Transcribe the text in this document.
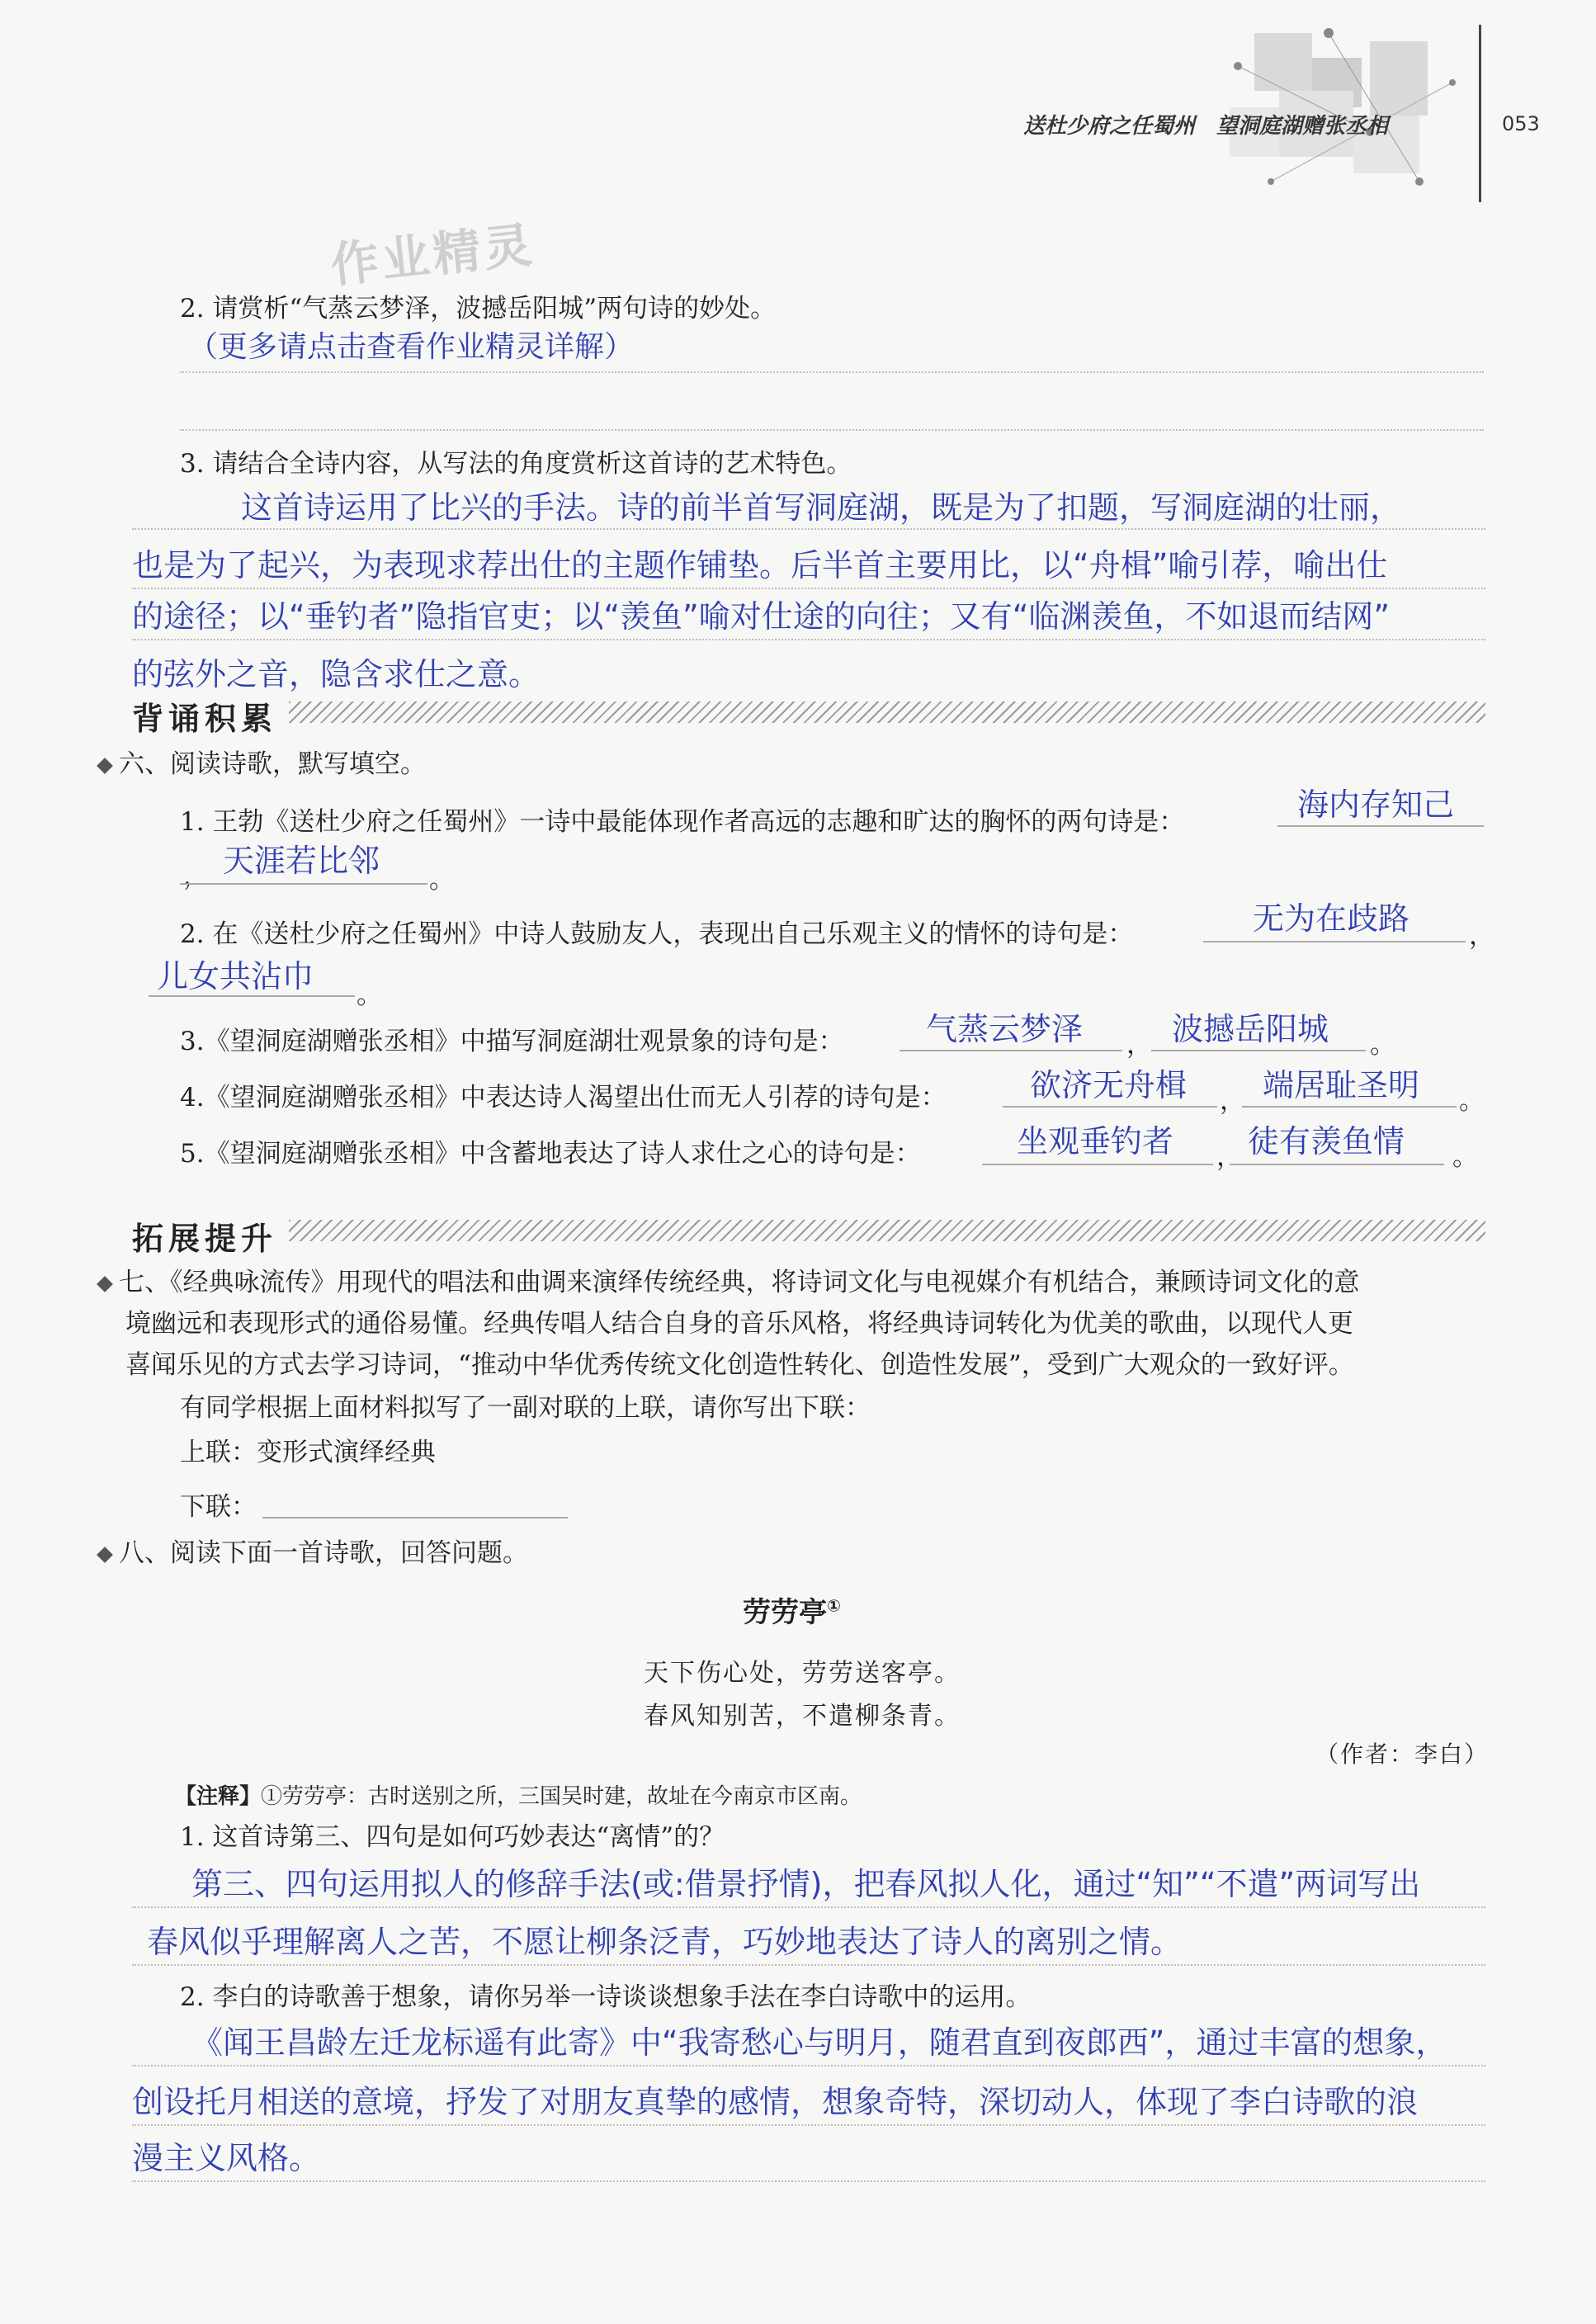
送杜少府之任蜀州　望洞庭湖赠张丞相	053
作业精灵
2. 请赏析“气蒸云梦泽，波撼岳阳城”两句诗的妙处。
（更多请点击查看作业精灵详解）
3. 请结合全诗内容，从写法的角度赏析这首诗的艺术特色。
这首诗运用了比兴的手法。诗的前半首写洞庭湖，既是为了扣题，写洞庭湖的壮丽，
也是为了起兴，为表现求荐出仕的主题作铺垫。后半首主要用比，以“舟楫”喻引荐，喻出仕
的途径；以“垂钓者”隐指官吏；以“羡鱼”喻对仕途的向往；又有“临渊羡鱼，不如退而结网”
的弦外之音，隐含求仕之意。
背诵积累
六、阅读诗歌，默写填空。
1. 王勃《送杜少府之任蜀州》一诗中最能体现作者高远的志趣和旷达的胸怀的两句诗是：	海内存知己
， 天涯若比邻
。
2. 在《送杜少府之任蜀州》中诗人鼓励友人，表现出自己乐观主义的情怀的诗句是：	无为在歧路 ，
儿女共沾巾
。
3.《望洞庭湖赠张丞相》中描写洞庭湖壮观景象的诗句是：	气蒸云梦泽 ， 波撼岳阳城 。
4.《望洞庭湖赠张丞相》中表达诗人渴望出仕而无人引荐的诗句是：	欲济无舟楫 ， 端居耻圣明 。
5.《望洞庭湖赠张丞相》中含蓄地表达了诗人求仕之心的诗句是：	坐观垂钓者 ， 徒有羡鱼情 。
拓展提升
七、《经典咏流传》用现代的唱法和曲调来演绎传统经典，将诗词文化与电视媒介有机结合，兼顾诗词文化的意
境幽远和表现形式的通俗易懂。经典传唱人结合自身的音乐风格，将经典诗词转化为优美的歌曲，以现代人更
喜闻乐见的方式去学习诗词，“推动中华优秀传统文化创造性转化、创造性发展”，受到广大观众的一致好评。
有同学根据上面材料拟写了一副对联的上联，请你写出下联：
上联：变形式演绎经典
下联：
八、阅读下面一首诗歌，回答问题。
劳劳亭①
天下伤心处，劳劳送客亭。
春风知别苦，不遣柳条青。
（作者：李白）
【注释】①劳劳亭：古时送别之所，三国吴时建，故址在今南京市区南。
1. 这首诗第三、四句是如何巧妙表达“离情”的？
第三、四句运用拟人的修辞手法(或:借景抒情)，把春风拟人化，通过“知”“不遣”两词写出
春风似乎理解离人之苦，不愿让柳条泛青，巧妙地表达了诗人的离别之情。
2. 李白的诗歌善于想象，请你另举一诗谈谈想象手法在李白诗歌中的运用。
《闻王昌龄左迁龙标遥有此寄》中“我寄愁心与明月，随君直到夜郎西”，通过丰富的想象，
创设托月相送的意境，抒发了对朋友真挚的感情，想象奇特，深切动人，体现了李白诗歌的浪
漫主义风格。
